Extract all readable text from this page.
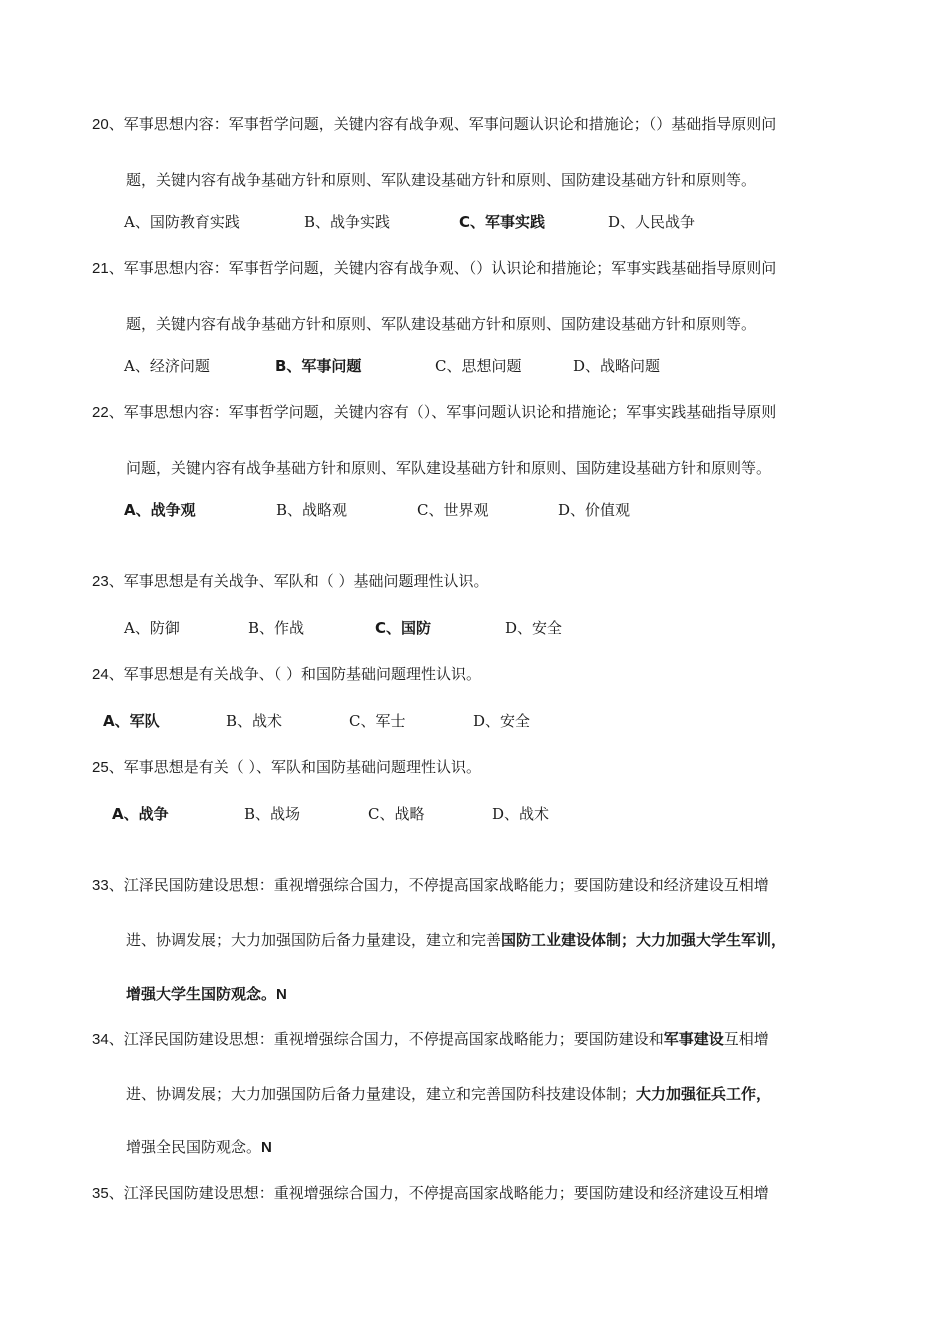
20、军事思想内容：军事哲学问题，关键内容有战争观、军事问题认识论和措施论；（）基础指导原则问
题，关键内容有战争基础方针和原则、军队建设基础方针和原则、国防建设基础方针和原则等。
A、国防教育实践	B、战争实践	C、军事实践	D、人民战争
21、军事思想内容：军事哲学问题，关键内容有战争观、（）认识论和措施论；军事实践基础指导原则问
题，关键内容有战争基础方针和原则、军队建设基础方针和原则、国防建设基础方针和原则等。
A、经济问题	B、军事问题	C、思想问题	D、战略问题
22、军事思想内容：军事哲学问题，关键内容有（）、军事问题认识论和措施论；军事实践基础指导原则
问题，关键内容有战争基础方针和原则、军队建设基础方针和原则、国防建设基础方针和原则等。
A、战争观	B、战略观	C、世界观	D、价值观
23、军事思想是有关战争、军队和（ ）基础问题理性认识。
A、防御	B、作战	C、国防	D、安全
24、军事思想是有关战争、（ ）和国防基础问题理性认识。
A、军队	B、战术	C、军士	D、安全
25、军事思想是有关（ ）、军队和国防基础问题理性认识。
A、战争	B、战场	C、战略	D、战术
33、江泽民国防建设思想：重视增强综合国力，不停提高国家战略能力；要国防建设和经济建设互相增
进、协调发展；大力加强国防后备力量建设，建立和完善国防工业建设体制；大力加强大学生军训，
增强大学生国防观念。N
34、江泽民国防建设思想：重视增强综合国力，不停提高国家战略能力；要国防建设和军事建设互相增
进、协调发展；大力加强国防后备力量建设，建立和完善国防科技建设体制；大力加强征兵工作，
增强全民国防观念。N
35、江泽民国防建设思想：重视增强综合国力，不停提高国家战略能力；要国防建设和经济建设互相增
